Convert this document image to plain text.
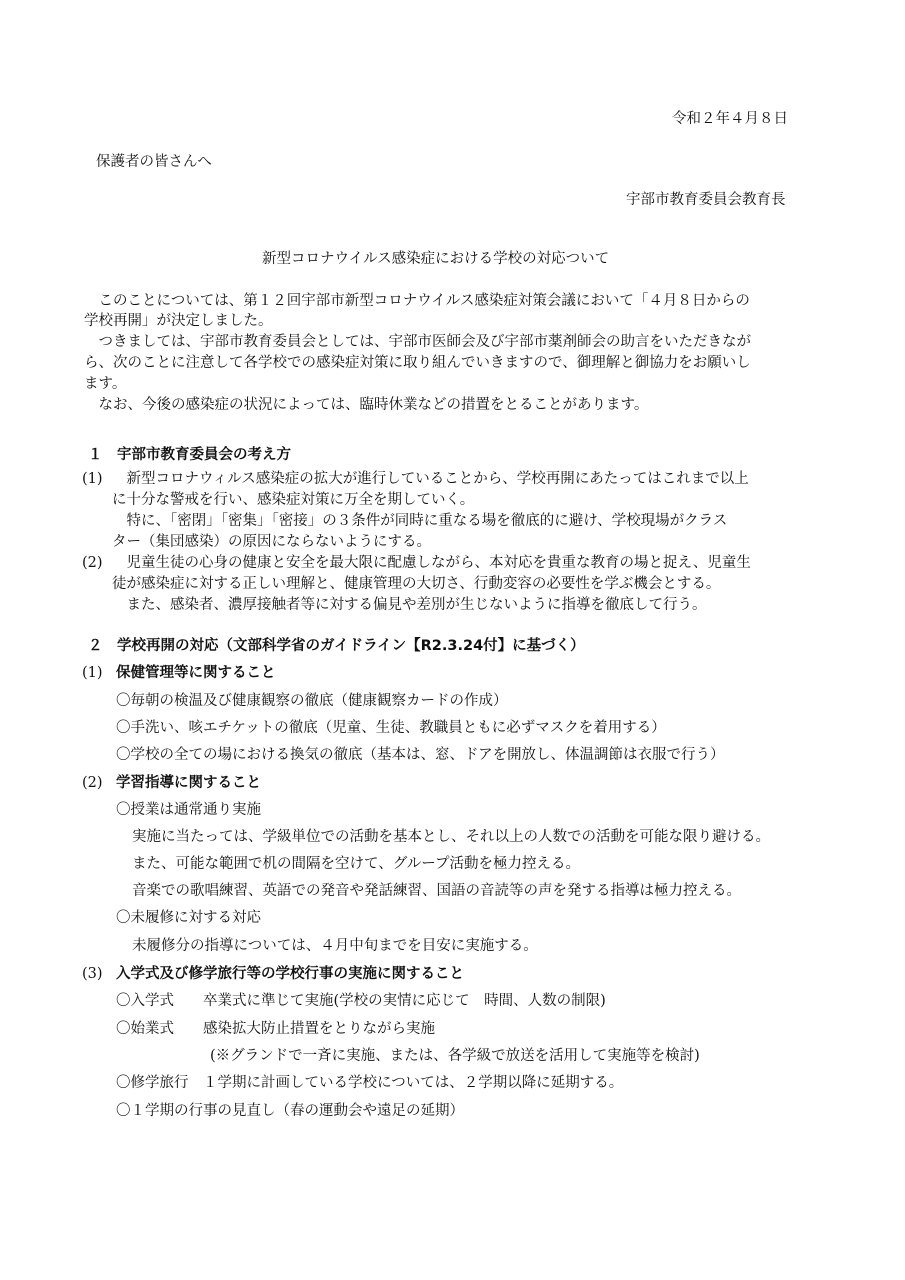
令和２年４月８日
保護者の皆さんへ
宇部市教育委員会教育長
新型コロナウイルス感染症における学校の対応ついて
　このことについては、第１２回宇部市新型コロナウイルス感染症対策会議において「４月８日からの
学校再開」が決定しました。
　つきましては、宇部市教育委員会としては、宇部市医師会及び宇部市薬剤師会の助言をいただきなが
ら、次のことに注意して各学校での感染症対策に取り組んでいきますので、御理解と御協力をお願いし
ます。
　なお、今後の感染症の状況によっては、臨時休業などの措置をとることがあります。
１　宇部市教育委員会の考え方
(1) 　新型コロナウィルス感染症の拡大が進行していることから、学校再開にあたってはこれまで以上
に十分な警戒を行い、感染症対策に万全を期していく。
　特に、「密閉」「密集」「密接」の３条件が同時に重なる場を徹底的に避け、学校現場がクラス
ター（集団感染）の原因にならないようにする。
(2) 　児童生徒の心身の健康と安全を最大限に配慮しながら、本対応を貴重な教育の場と捉え、児童生
徒が感染症に対する正しい理解と、健康管理の大切さ、行動変容の必要性を学ぶ機会とする。
　また、感染者、濃厚接触者等に対する偏見や差別が生じないように指導を徹底して行う。
２　学校再開の対応（文部科学省のガイドライン【R2.3.24付】に基づく）
(1) 保健管理等に関すること
〇毎朝の検温及び健康観察の徹底（健康観察カードの作成）
〇手洗い、咳エチケットの徹底（児童、生徒、教職員ともに必ずマスクを着用する）
〇学校の全ての場における換気の徹底（基本は、窓、ドアを開放し、体温調節は衣服で行う）
(2) 学習指導に関すること
〇授業は通常通り実施
実施に当たっては、学級単位での活動を基本とし、それ以上の人数での活動を可能な限り避ける。
また、可能な範囲で机の間隔を空けて、グループ活動を極力控える。
音楽での歌唱練習、英語での発音や発話練習、国語の音読等の声を発する指導は極力控える。
〇未履修に対する対応
未履修分の指導については、４月中旬までを目安に実施する。
(3) 入学式及び修学旅行等の学校行事の実施に関すること
〇入学式　　卒業式に準じて実施(学校の実情に応じて　時間、人数の制限)
〇始業式　　感染拡大防止措置をとりながら実施
(※グランドで一斉に実施、または、各学級で放送を活用して実施等を検討)
〇修学旅行　１学期に計画している学校については、２学期以降に延期する。
〇１学期の行事の見直し（春の運動会や遠足の延期）
